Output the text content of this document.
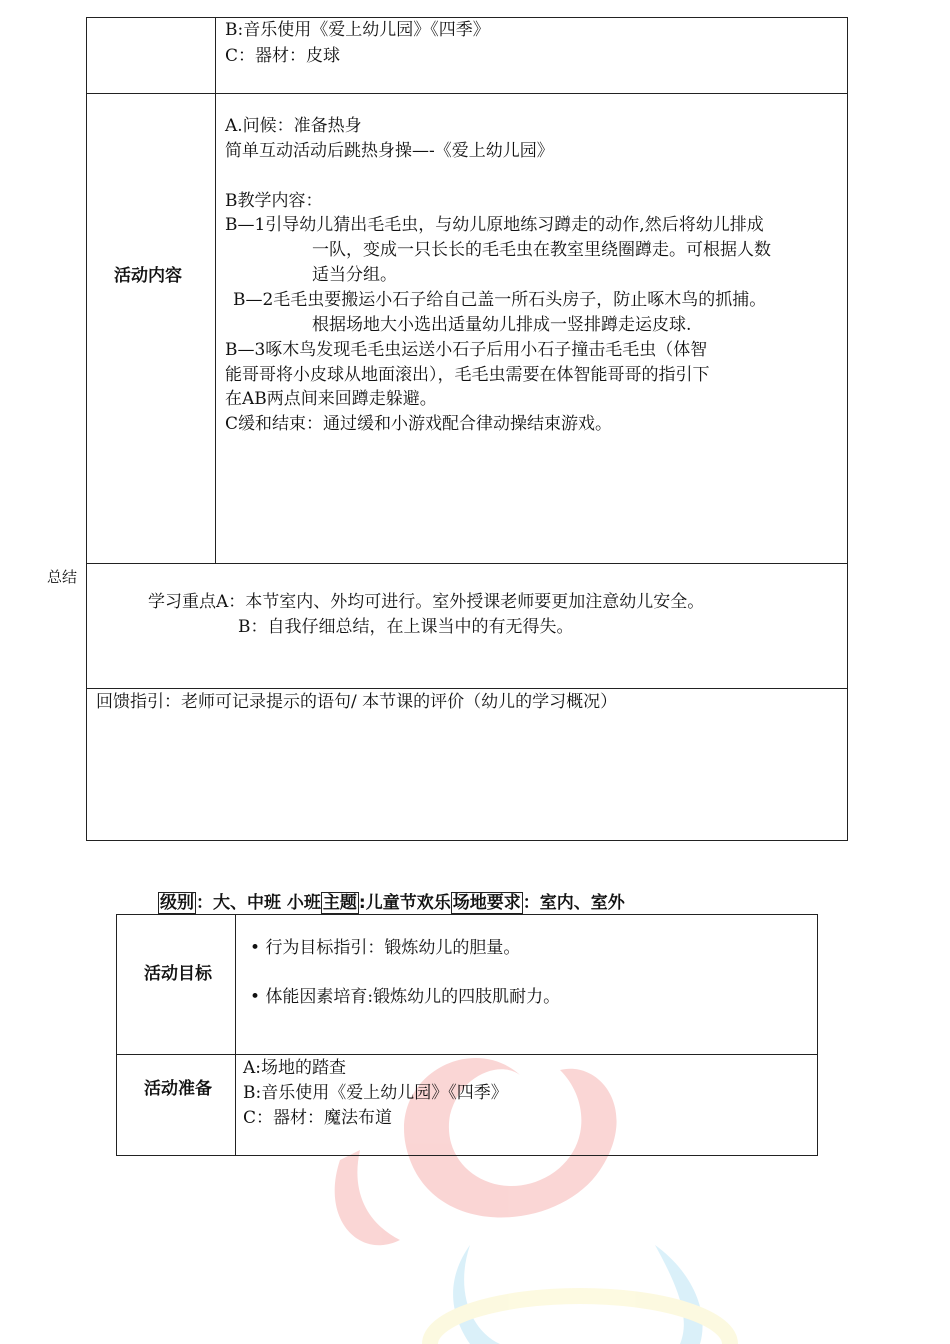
B:音乐使用《爱上幼儿园》《四季》
C：器材：皮球
活动内容
A.问候：准备热身
简单互动活动后跳热身操—-《爱上幼儿园》
B教学内容：
B—1引导幼儿猜出毛毛虫，与幼儿原地练习蹲走的动作,然后将幼儿排成
一队，变成一只长长的毛毛虫在教室里绕圈蹲走。可根据人数
适当分组。
B—2毛毛虫要搬运小石子给自己盖一所石头房子，防止啄木鸟的抓捕。
根据场地大小选出适量幼儿排成一竖排蹲走运皮球.
B—3啄木鸟发现毛毛虫运送小石子后用小石子撞击毛毛虫（体智
能哥哥将小皮球从地面滚出），毛毛虫需要在体智能哥哥的指引下
在AB两点间来回蹲走躲避。
C缓和结束：通过缓和小游戏配合律动操结束游戏。
总结
学习重点A：本节室内、外均可进行。室外授课老师要更加注意幼儿安全。
B：自我仔细总结，在上课当中的有无得失。
回馈指引：老师可记录提示的语句/ 本节课的评价（幼儿的学习概况）
级别 ：大、中班 小班 主题 :儿童节欢乐 场地要求 ：室内、室外
活动目标
• 行为目标指引：锻炼幼儿的胆量。
• 体能因素培育:锻炼幼儿的四肢肌耐力。
活动准备
A:场地的踏查
B:音乐使用《爱上幼儿园》《四季》
C：器材：魔法布道
